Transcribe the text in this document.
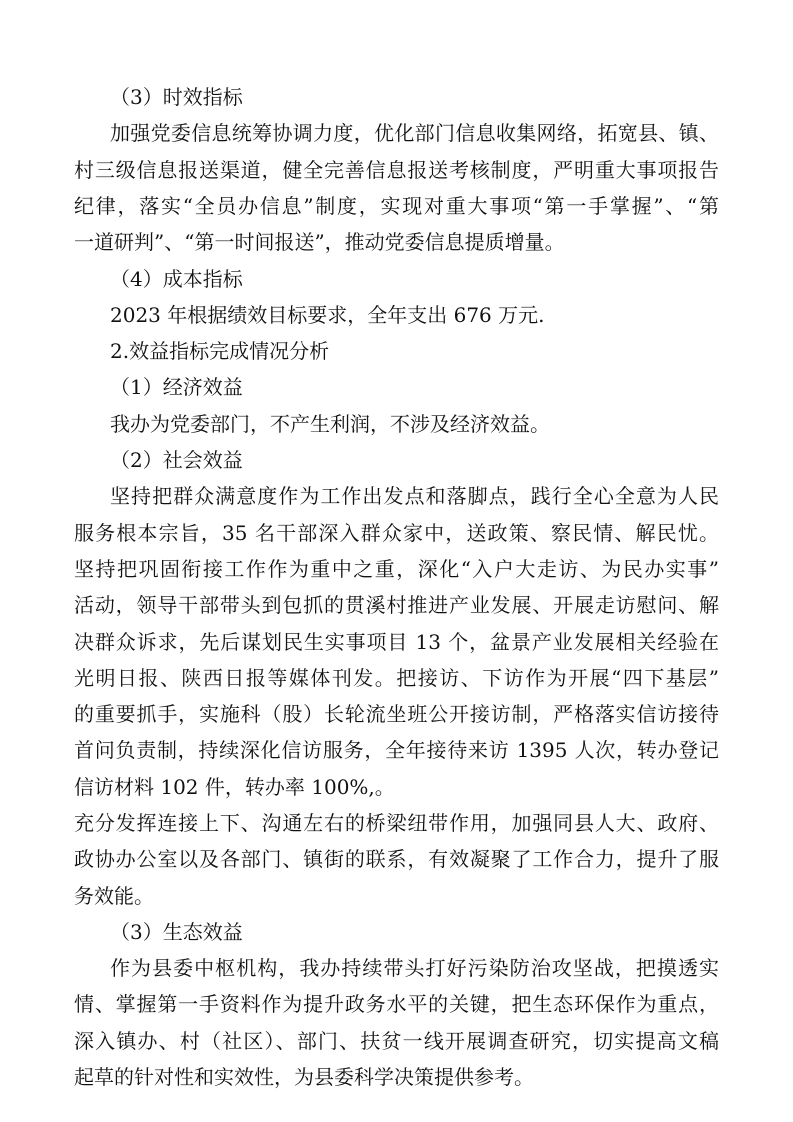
（3）时效指标
加强党委信息统筹协调力度，优化部门信息收集网络，拓宽县、镇、
村三级信息报送渠道，健全完善信息报送考核制度，严明重大事项报告
纪律，落实“全员办信息”制度，实现对重大事项“第一手掌握”、“第
一道研判”、“第一时间报送”，推动党委信息提质增量。
（4）成本指标
2023 年根据绩效目标要求，全年支出 676 万元.
2.效益指标完成情况分析
（1）经济效益
我办为党委部门，不产生利润，不涉及经济效益。
（2）社会效益
坚持把群众满意度作为工作出发点和落脚点，践行全心全意为人民
服务根本宗旨，35 名干部深入群众家中，送政策、察民情、解民忧。
坚持把巩固衔接工作作为重中之重，深化“入户大走访、为民办实事”
活动，领导干部带头到包抓的贯溪村推进产业发展、开展走访慰问、解
决群众诉求，先后谋划民生实事项目 13 个，盆景产业发展相关经验在
光明日报、陕西日报等媒体刊发。把接访、下访作为开展“四下基层”
的重要抓手，实施科（股）长轮流坐班公开接访制，严格落实信访接待
首问负责制，持续深化信访服务，全年接待来访 1395 人次，转办登记
信访材料 102 件，转办率 100%,。
充分发挥连接上下、沟通左右的桥梁纽带作用，加强同县人大、政府、
政协办公室以及各部门、镇街的联系，有效凝聚了工作合力，提升了服
务效能。
（3）生态效益
作为县委中枢机构，我办持续带头打好污染防治攻坚战，把摸透实
情、掌握第一手资料作为提升政务水平的关键，把生态环保作为重点，
深入镇办、村（社区）、部门、扶贫一线开展调查研究，切实提高文稿
起草的针对性和实效性，为县委科学决策提供参考。
